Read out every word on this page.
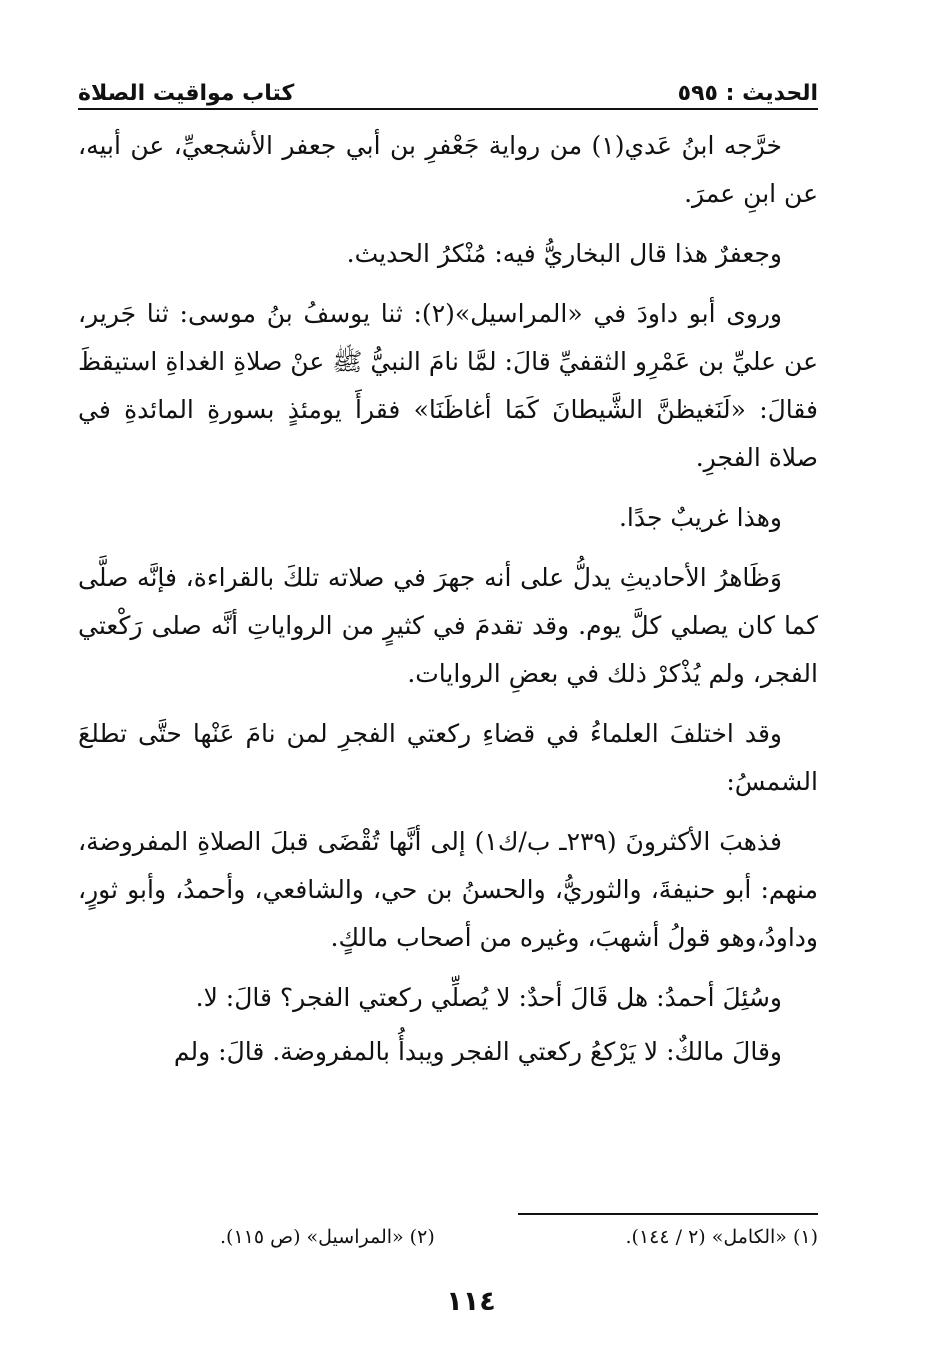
الحديث : ٥٩٥
كتاب مواقيت الصلاة

خرَّجه ابنُ عَدي(١) من رواية جَعْفرِ بن أبي جعفر الأشجعيِّ، عن أبيه، عن ابنِ عمرَ.

وجعفرٌ هذا قال البخاريُّ فيه: مُنْكرُ الحديث.

وروى أبو داودَ في «المراسيل»(٢): ثنا يوسفُ بنُ موسى: ثنا جَرير، عن عليِّ بن عَمْرِو الثقفيِّ قالَ: لمَّا نامَ النبيُّ ﷺ عنْ صلاةِ الغداةِ استيقظَ فقالَ: «لَنَغيظنَّ الشَّيطانَ كَمَا أغاظَنَا» فقرأَ يومئذٍ بسورةِ المائدةِ في صلاة الفجرِ.

وهذا غريبٌ جدًا.

وَظَاهرُ الأحاديثِ يدلُّ على أنه جهرَ في صلاته تلكَ بالقراءة، فإنَّه صلَّى كما كان يصلي كلَّ يوم. وقد تقدمَ في كثيرٍ من الرواياتِ أنَّه صلى رَكْعتي الفجر، ولم يُذْكرْ ذلك في بعضِ الروايات.

وقد اختلفَ العلماءُ في قضاءِ ركعتي الفجرِ لمن نامَ عَنْها حتَّى تطلعَ الشمسُ:

فذهبَ الأكثرونَ (٢٣٩ـ ب/ك١) إلى أنَّها تُقْضَى قبلَ الصلاةِ المفروضة، منهم: أبو حنيفةَ، والثوريُّ، والحسنُ بن حي، والشافعي، وأحمدُ، وأبو ثورٍ، وداودُ،وهو قولُ أشهبَ، وغيره من أصحاب مالكٍ.

وسُئِلَ أحمدُ: هل قَالَ أحدٌ: لا يُصلِّي ركعتي الفجر؟ قالَ: لا.

وقالَ مالكٌ: لا يَرْكعُ ركعتي الفجر ويبدأُ بالمفروضة. قالَ: ولم

(١) «الكامل» (٢ / ١٤٤).
(٢) «المراسيل» (ص ١١٥).
١١٤
